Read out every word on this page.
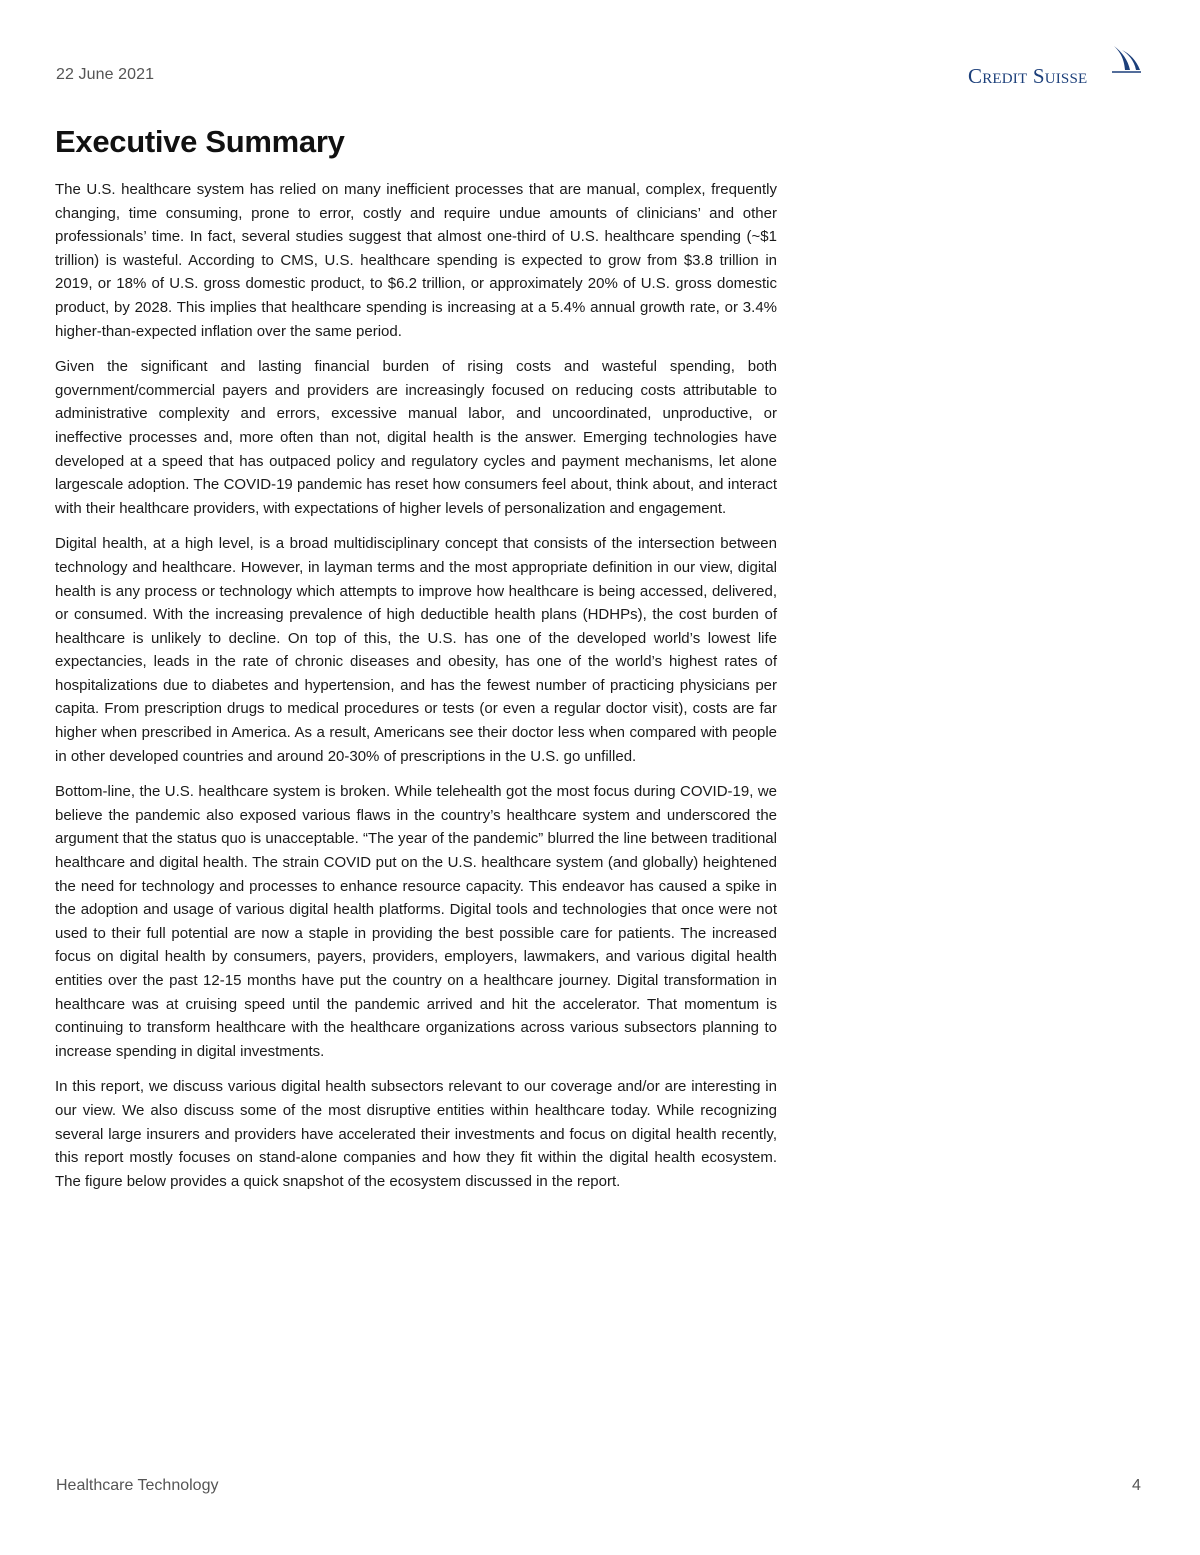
22 June 2021	Credit Suisse
Executive Summary

The U.S. healthcare system has relied on many inefficient processes that are manual, complex, frequently changing, time consuming, prone to error, costly and require undue amounts of clinicians’ and other professionals’ time. In fact, several studies suggest that almost one-third of U.S. healthcare spending (~$1 trillion) is wasteful. According to CMS, U.S. healthcare spending is expected to grow from $3.8 trillion in 2019, or 18% of U.S. gross domestic product, to $6.2 trillion, or approximately 20% of U.S. gross domestic product, by 2028. This implies that healthcare spending is increasing at a 5.4% annual growth rate, or 3.4% higher-than-expected inflation over the same period.

Given the significant and lasting financial burden of rising costs and wasteful spending, both government/commercial payers and providers are increasingly focused on reducing costs attributable to administrative complexity and errors, excessive manual labor, and uncoordinated, unproductive, or ineffective processes and, more often than not, digital health is the answer. Emerging technologies have developed at a speed that has outpaced policy and regulatory cycles and payment mechanisms, let alone largescale adoption. The COVID-19 pandemic has reset how consumers feel about, think about, and interact with their healthcare providers, with expectations of higher levels of personalization and engagement.

Digital health, at a high level, is a broad multidisciplinary concept that consists of the intersection between technology and healthcare. However, in layman terms and the most appropriate definition in our view, digital health is any process or technology which attempts to improve how healthcare is being accessed, delivered, or consumed. With the increasing prevalence of high deductible health plans (HDHPs), the cost burden of healthcare is unlikely to decline. On top of this, the U.S. has one of the developed world’s lowest life expectancies, leads in the rate of chronic diseases and obesity, has one of the world’s highest rates of hospitalizations due to diabetes and hypertension, and has the fewest number of practicing physicians per capita. From prescription drugs to medical procedures or tests (or even a regular doctor visit), costs are far higher when prescribed in America. As a result, Americans see their doctor less when compared with people in other developed countries and around 20-30% of prescriptions in the U.S. go unfilled.

Bottom-line, the U.S. healthcare system is broken. While telehealth got the most focus during COVID-19, we believe the pandemic also exposed various flaws in the country’s healthcare system and underscored the argument that the status quo is unacceptable. “The year of the pandemic” blurred the line between traditional healthcare and digital health. The strain COVID put on the U.S. healthcare system (and globally) heightened the need for technology and processes to enhance resource capacity. This endeavor has caused a spike in the adoption and usage of various digital health platforms. Digital tools and technologies that once were not used to their full potential are now a staple in providing the best possible care for patients. The increased focus on digital health by consumers, payers, providers, employers, lawmakers, and various digital health entities over the past 12-15 months have put the country on a healthcare journey. Digital transformation in healthcare was at cruising speed until the pandemic arrived and hit the accelerator. That momentum is continuing to transform healthcare with the healthcare organizations across various subsectors planning to increase spending in digital investments.

In this report, we discuss various digital health subsectors relevant to our coverage and/or are interesting in our view. We also discuss some of the most disruptive entities within healthcare today. While recognizing several large insurers and providers have accelerated their investments and focus on digital health recently, this report mostly focuses on stand-alone companies and how they fit within the digital health ecosystem. The figure below provides a quick snapshot of the ecosystem discussed in the report.

Healthcare Technology	4
